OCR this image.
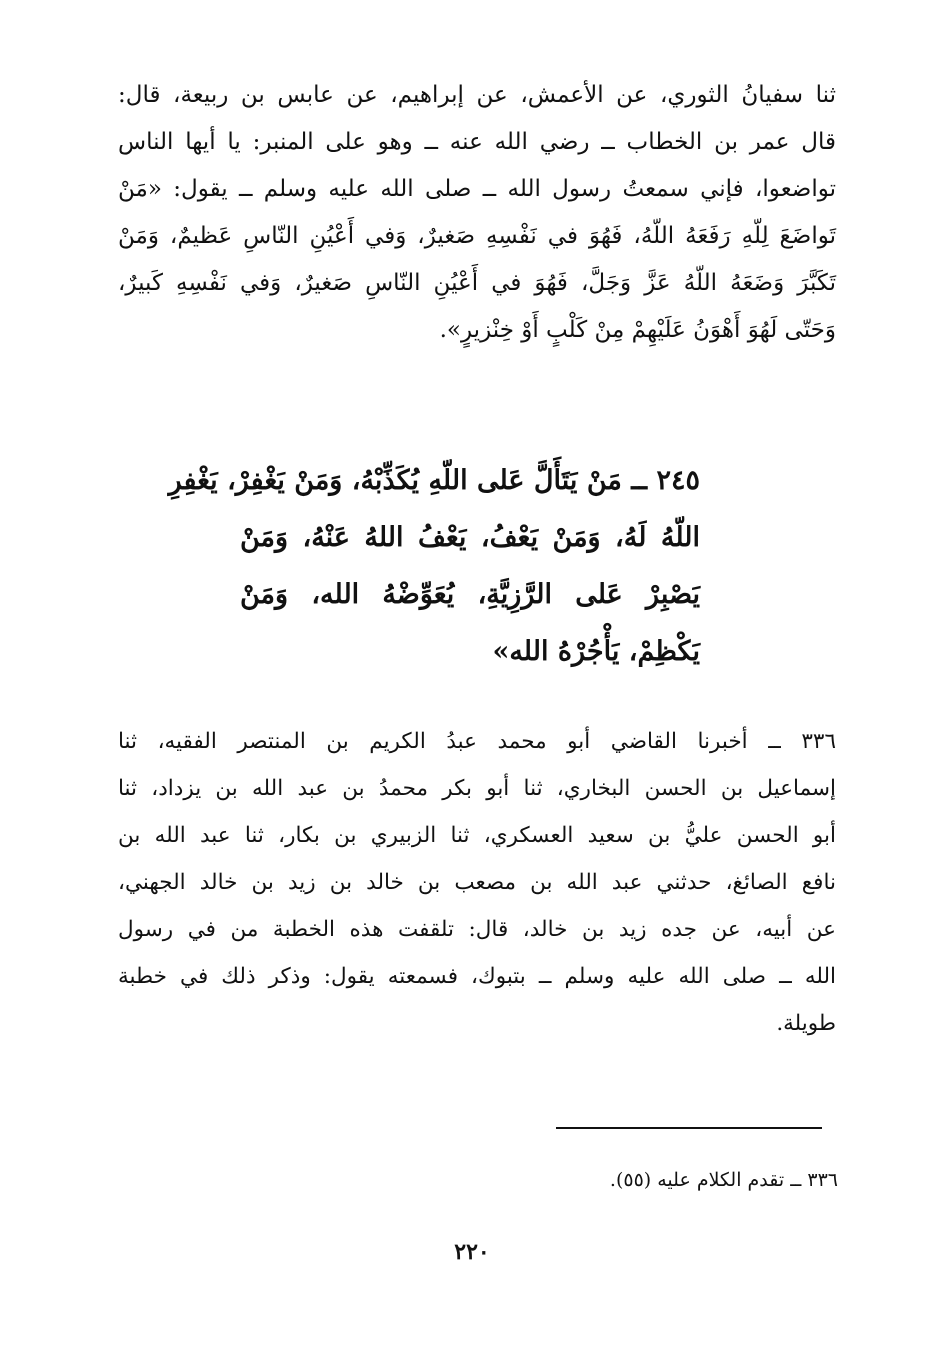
ثنا سفيانُ الثوري، عن الأعمش، عن إبراهيم، عن عابس بن ربيعة، قال:
قال عمر بن الخطاب ــ رضي الله عنه ــ وهو على المنبر: يا أيها الناس
تواضعوا، فإني سمعتُ رسول الله ــ صلى الله عليه وسلم ــ يقول: «مَنْ
تَواضَعَ لِلّهِ رَفَعَهُ اللّهُ، فَهُوَ في نَفْسِهِ صَغيرٌ، وَفي أَعْيُنِ النّاسِ عَظيمٌ، وَمَنْ
تَكَبَّرَ وَضَعَهُ اللّهُ عَزَّ وَجَلَّ، فَهُوَ في أَعْيُنِ النّاسِ صَغيرٌ، وَفي نَفْسِهِ كَبيرٌ،
وَحَتّى لَهُوَ أَهْوَنُ عَلَيْهِمْ مِنْ كَلْبٍ أَوْ خِنْزيرٍ».
٢٤٥ ــ مَنْ يَتَأَلَّ عَلى اللّهِ يُكَذِّبْهُ، وَمَنْ يَغْفِرْ، يَغْفِرِ
اللّهُ لَهُ، وَمَنْ يَعْفُ، يَعْفُ اللهُ عَنْهُ، وَمَنْ
يَصْبِرْ عَلى الرَّزِيَّةِ، يُعَوِّضْهُ الله، وَمَنْ
يَكْظِمْ، يَأْجُرْهُ الله»
٣٣٦ ــ أخبرنا القاضي أبو محمد عبدُ الكريم بن المنتصر الفقيه، ثنا
إسماعيل بن الحسن البخاري، ثنا أبو بكر محمدُ بن عبد الله بن يزداد، ثنا
أبو الحسن عليُّ بن سعيد العسكري، ثنا الزبيري بن بكار، ثنا عبد الله بن
نافع الصائغ، حدثني عبد الله بن مصعب بن خالد بن زيد بن خالد الجهني،
عن أبيه، عن جده زيد بن خالد، قال: تلقفت هذه الخطبة من في رسول
الله ــ صلى الله عليه وسلم ــ بتبوك، فسمعته يقول: وذكر ذلك في خطبة
طويلة.
٣٣٦ ــ تقدم الكلام عليه (٥٥).
٢٢٠
